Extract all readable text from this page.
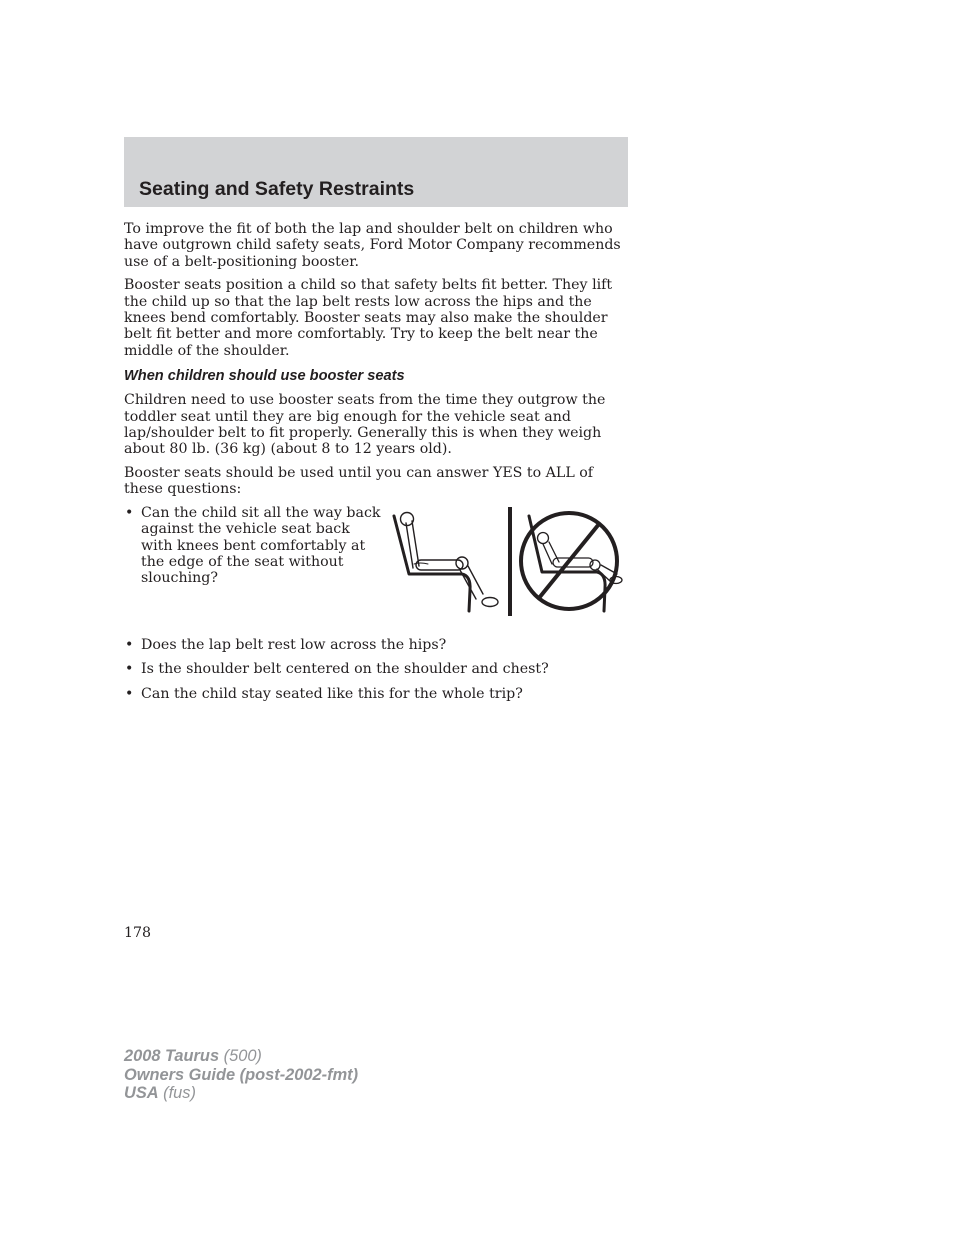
Seating and Safety Restraints

To improve the fit of both the lap and shoulder belt on children who have outgrown child safety seats, Ford Motor Company recommends use of a belt-positioning booster.

Booster seats position a child so that safety belts fit better. They lift the child up so that the lap belt rests low across the hips and the knees bend comfortably. Booster seats may also make the shoulder belt fit better and more comfortably. Try to keep the belt near the middle of the shoulder.

When children should use booster seats

Children need to use booster seats from the time they outgrow the toddler seat until they are big enough for the vehicle seat and lap/shoulder belt to fit properly. Generally this is when they weigh about 80 lb. (36 kg) (about 8 to 12 years old).

Booster seats should be used until you can answer YES to ALL of these questions:

• Can the child sit all the way back against the vehicle seat back with knees bent comfortably at the edge of the seat without slouching?
• Does the lap belt rest low across the hips?
• Is the shoulder belt centered on the shoulder and chest?
• Can the child stay seated like this for the whole trip?
178
2008 Taurus (500)
Owners Guide (post-2002-fmt)
USA (fus)
